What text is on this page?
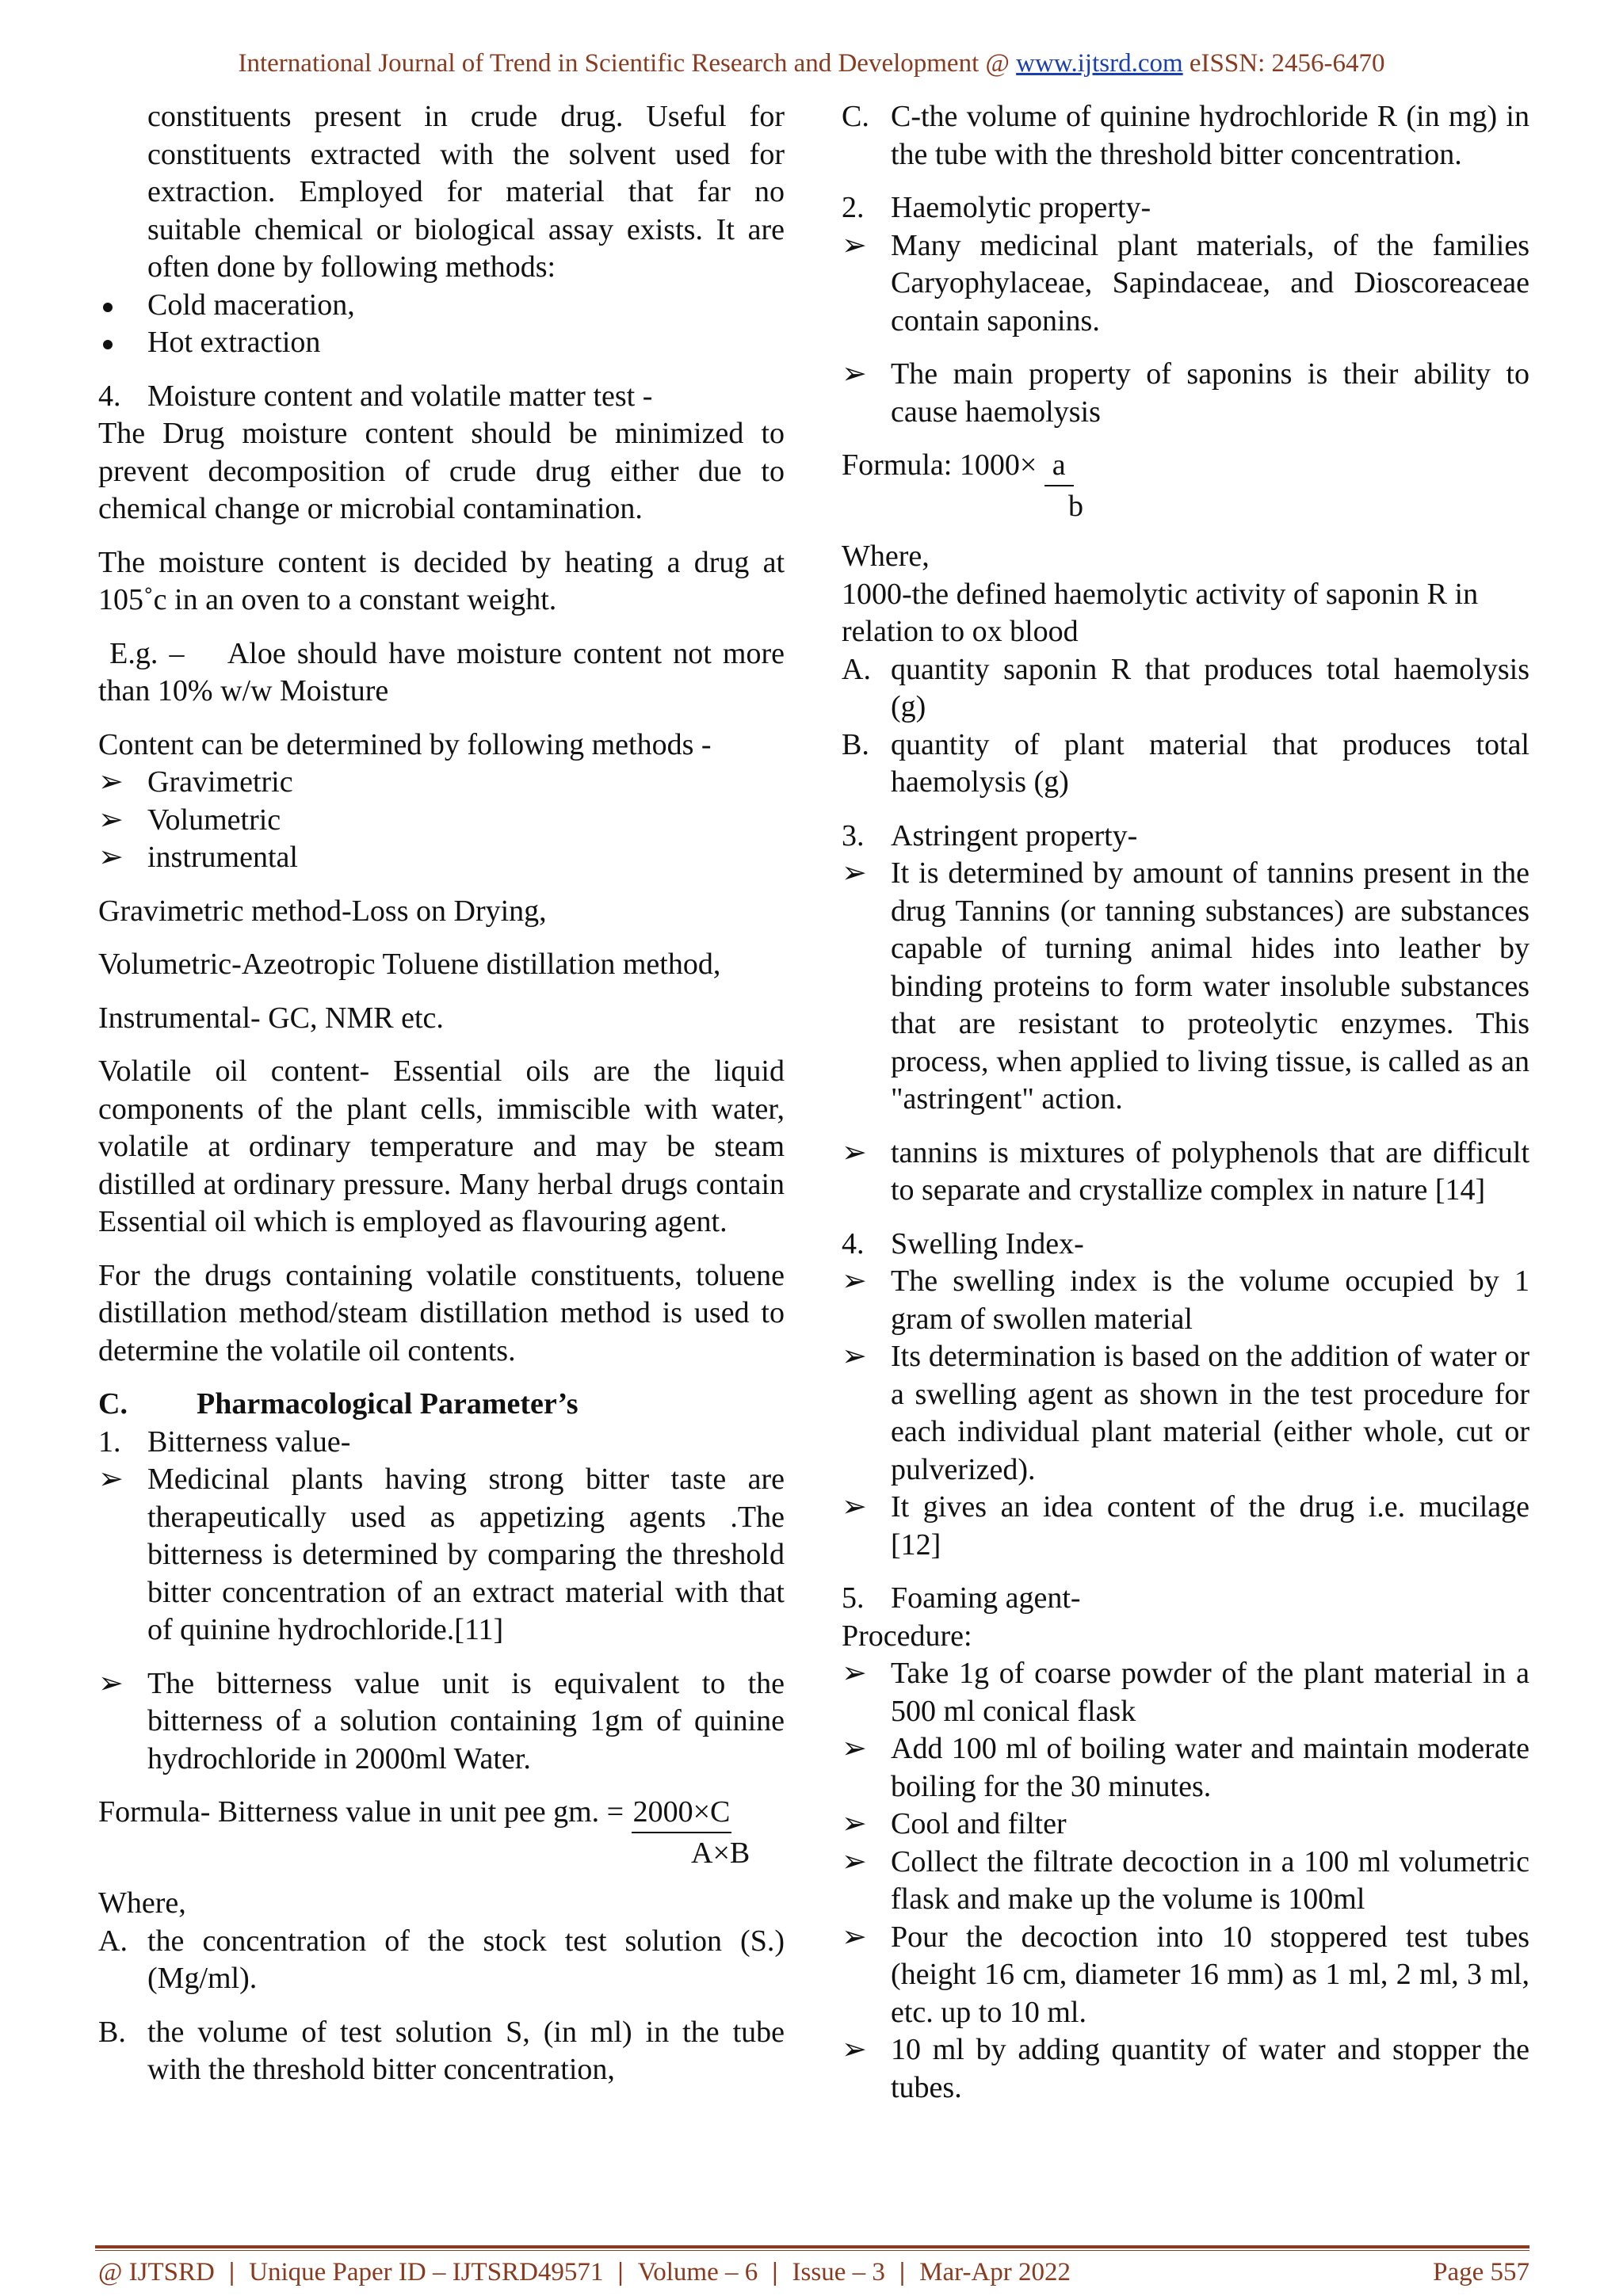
International Journal of Trend in Scientific Research and Development @ www.ijtsrd.com eISSN: 2456-6470

constituents present in crude drug. Useful for constituents extracted with the solvent used for extraction. Employed for material that far no suitable chemical or biological assay exists. It are often done by following methods:

Cold maceration,
Hot extraction
4. Moisture content and volatile matter test -

The Drug moisture content should be minimized to prevent decomposition of crude drug either due to chemical change or microbial contamination.

The moisture content is decided by heating a drug at 105˚c in an oven to a constant weight.

E.g. –    Aloe should have moisture content not more than 10% w/w Moisture

Content can be determined by following methods -

➢ Gravimetric
➢ Volumetric
➢ instrumental

Gravimetric method-Loss on Drying,

Volumetric-Azeotropic Toluene distillation method,

Instrumental- GC, NMR etc.

Volatile oil content- Essential oils are the liquid components of the plant cells, immiscible with water, volatile at ordinary temperature and may be steam distilled at ordinary pressure. Many herbal drugs contain Essential oil which is employed as flavouring agent.

For the drugs containing volatile constituents, toluene distillation method/steam distillation method is used to determine the volatile oil contents.

C.	Pharmacological Parameter’s
1. Bitterness value-
➢ Medicinal plants having strong bitter taste are therapeutically used as appetizing agents .The bitterness is determined by comparing the threshold bitter concentration of an extract material with that of quinine hydrochloride.[11]
➢ The bitterness value unit is equivalent to the bitterness of a solution containing 1gm of quinine hydrochloride in 2000ml Water.
Formula- Bitterness value in unit pee gm. = 2000×C
A×B

Where,

A. the concentration of the stock test solution (S.) (Mg/ml).
B. the volume of test solution S, (in ml) in the tube with the threshold bitter concentration,
C. C-the volume of quinine hydrochloride R (in mg) in the tube with the threshold bitter concentration.
2. Haemolytic property-
➢ Many medicinal plant materials, of the families Caryophylaceae, Sapindaceae, and Dioscoreaceae contain saponins.
➢ The main property of saponins is their ability to cause haemolysis
Formula: 1000× a
b

Where,

1000-the defined haemolytic activity of saponin R in relation to ox blood

A. quantity saponin R that produces total haemolysis (g)
B. quantity of plant material that produces total haemolysis (g)
3. Astringent property-
➢ It is determined by amount of tannins present in the drug Tannins (or tanning substances) are substances capable of turning animal hides into leather by binding proteins to form water insoluble substances that are resistant to proteolytic enzymes. This process, when applied to living tissue, is called as an "astringent" action.
➢ tannins is mixtures of polyphenols that are difficult to separate and crystallize complex in nature [14]
4. Swelling Index-
➢ The swelling index is the volume occupied by 1 gram of swollen material
➢ Its determination is based on the addition of water or a swelling agent as shown in the test procedure for each individual plant material (either whole, cut or pulverized).
➢ It gives an idea content of the drug i.e. mucilage [12]
5. Foaming agent-

Procedure:

➢ Take 1g of coarse powder of the plant material in a 500 ml conical flask
➢ Add 100 ml of boiling water and maintain moderate boiling for the 30 minutes.
➢ Cool and filter
➢ Collect the filtrate decoction in a 100 ml volumetric flask and make up the volume is 100ml
➢ Pour the decoction into 10 stoppered test tubes (height 16 cm, diameter 16 mm) as 1 ml, 2 ml, 3 ml, etc. up to 10 ml.
➢ 10 ml by adding quantity of water and stopper the tubes.
@ IJTSRD | Unique Paper ID – IJTSRD49571 | Volume – 6 | Issue – 3 | Mar-Apr 2022	Page 557
